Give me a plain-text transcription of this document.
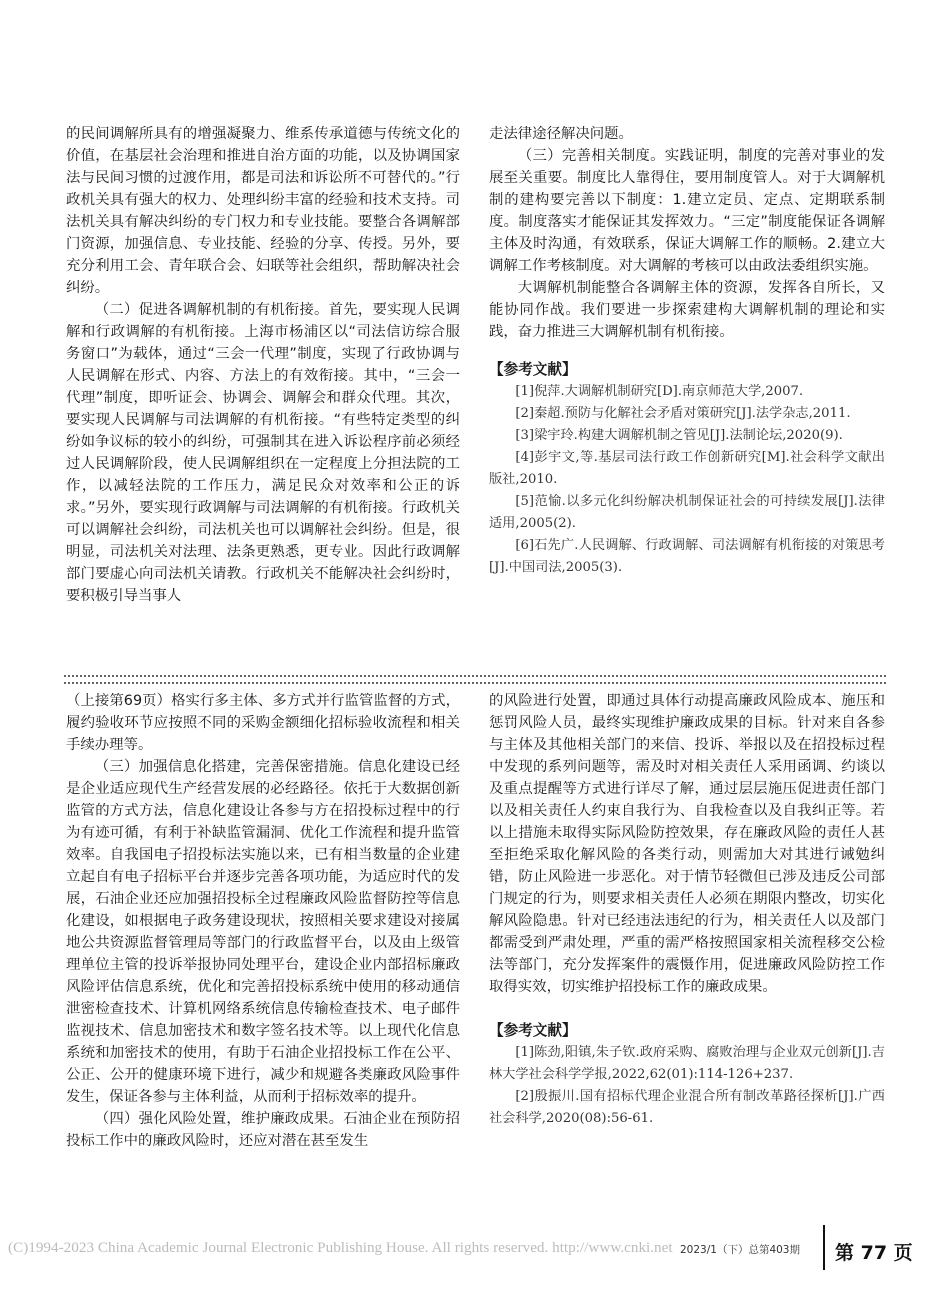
的民间调解所具有的增强凝聚力、维系传承道德与传统文化的价值，在基层社会治理和推进自治方面的功能，以及协调国家法与民间习惯的过渡作用，都是司法和诉讼所不可替代的。”行政机关具有强大的权力、处理纠纷丰富的经验和技术支持。司法机关具有解决纠纷的专门权力和专业技能。要整合各调解部门资源，加强信息、专业技能、经验的分享、传授。另外，要充分利用工会、青年联合会、妇联等社会组织，帮助解决社会纠纷。

（二）促进各调解机制的有机衔接。首先，要实现人民调解和行政调解的有机衔接。上海市杨浦区以“司法信访综合服务窗口”为载体，通过“三会一代理”制度，实现了行政协调与人民调解在形式、内容、方法上的有效衔接。其中，“三会一代理”制度，即听证会、协调会、调解会和群众代理。其次，要实现人民调解与司法调解的有机衔接。“有些特定类型的纠纷如争议标的较小的纠纷，可强制其在进入诉讼程序前必须经过人民调解阶段，使人民调解组织在一定程度上分担法院的工作，以减轻法院的工作压力，满足民众对效率和公正的诉求。”另外，要实现行政调解与司法调解的有机衔接。行政机关可以调解社会纠纷，司法机关也可以调解社会纠纷。但是，很明显，司法机关对法理、法条更熟悉，更专业。因此行政调解部门要虚心向司法机关请教。行政机关不能解决社会纠纷时，要积极引导当事人

走法律途径解决问题。

（三）完善相关制度。实践证明，制度的完善对事业的发展至关重要。制度比人靠得住，要用制度管人。对于大调解机制的建构要完善以下制度：1.建立定员、定点、定期联系制度。制度落实才能保证其发挥效力。“三定”制度能保证各调解主体及时沟通，有效联系，保证大调解工作的顺畅。2.建立大调解工作考核制度。对大调解的考核可以由政法委组织实施。

大调解机制能整合各调解主体的资源，发挥各自所长，又能协同作战。我们要进一步探索建构大调解机制的理论和实践，奋力推进三大调解机制有机衔接。

【参考文献】

[1]倪萍.大调解机制研究[D].南京师范大学,2007.

[2]秦超.预防与化解社会矛盾对策研究[J].法学杂志,2011.

[3]梁宇玲.构建大调解机制之管见[J].法制论坛,2020(9).

[4]彭宇文,等.基层司法行政工作创新研究[M].社会科学文献出版社,2010.

[5]范愉.以多元化纠纷解决机制保证社会的可持续发展[J].法律适用,2005(2).

[6]石先广.人民调解、行政调解、司法调解有机衔接的对策思考[J].中国司法,2005(3).

（上接第69页）格实行多主体、多方式并行监管监督的方式，履约验收环节应按照不同的采购金额细化招标验收流程和相关手续办理等。

（三）加强信息化搭建，完善保密措施。信息化建设已经是企业适应现代生产经营发展的必经路径。依托于大数据创新监管的方式方法，信息化建设让各参与方在招投标过程中的行为有迹可循，有利于补缺监管漏洞、优化工作流程和提升监管效率。自我国电子招投标法实施以来，已有相当数量的企业建立起自有电子招标平台并逐步完善各项功能，为适应时代的发展，石油企业还应加强招投标全过程廉政风险监督防控等信息化建设，如根据电子政务建设现状，按照相关要求建设对接属地公共资源监督管理局等部门的行政监督平台，以及由上级管理单位主管的投诉举报协同处理平台，建设企业内部招标廉政风险评估信息系统，优化和完善招投标系统中使用的移动通信泄密检查技术、计算机网络系统信息传输检查技术、电子邮件监视技术、信息加密技术和数字签名技术等。以上现代化信息系统和加密技术的使用，有助于石油企业招投标工作在公平、公正、公开的健康环境下进行，减少和规避各类廉政风险事件发生，保证各参与主体利益，从而利于招标效率的提升。

（四）强化风险处置，维护廉政成果。石油企业在预防招投标工作中的廉政风险时，还应对潜在甚至发生

的风险进行处置，即通过具体行动提高廉政风险成本、施压和惩罚风险人员，最终实现维护廉政成果的目标。针对来自各参与主体及其他相关部门的来信、投诉、举报以及在招投标过程中发现的系列问题等，需及时对相关责任人采用函调、约谈以及重点提醒等方式进行详尽了解，通过层层施压促进责任部门以及相关责任人约束自我行为、自我检查以及自我纠正等。若以上措施未取得实际风险防控效果，存在廉政风险的责任人甚至拒绝采取化解风险的各类行动，则需加大对其进行诫勉纠错，防止风险进一步恶化。对于情节轻微但已涉及违反公司部门规定的行为，则要求相关责任人必须在期限内整改，切实化解风险隐患。针对已经违法违纪的行为，相关责任人以及部门都需受到严肃处理，严重的需严格按照国家相关流程移交公检法等部门，充分发挥案件的震慑作用，促进廉政风险防控工作取得实效，切实维护招投标工作的廉政成果。

【参考文献】

[1]陈劲,阳镇,朱子钦.政府采购、腐败治理与企业双元创新[J].吉林大学社会科学学报,2022,62(01):114-126+237.

[2]殷振川.国有招标代理企业混合所有制改革路径探析[J].广西社会科学,2020(08):56-61.

(C)1994-2023 China Academic Journal Electronic Publishing House. All rights reserved. http://www.cnki.net 2023/1（下）总第403期 第 77 页
